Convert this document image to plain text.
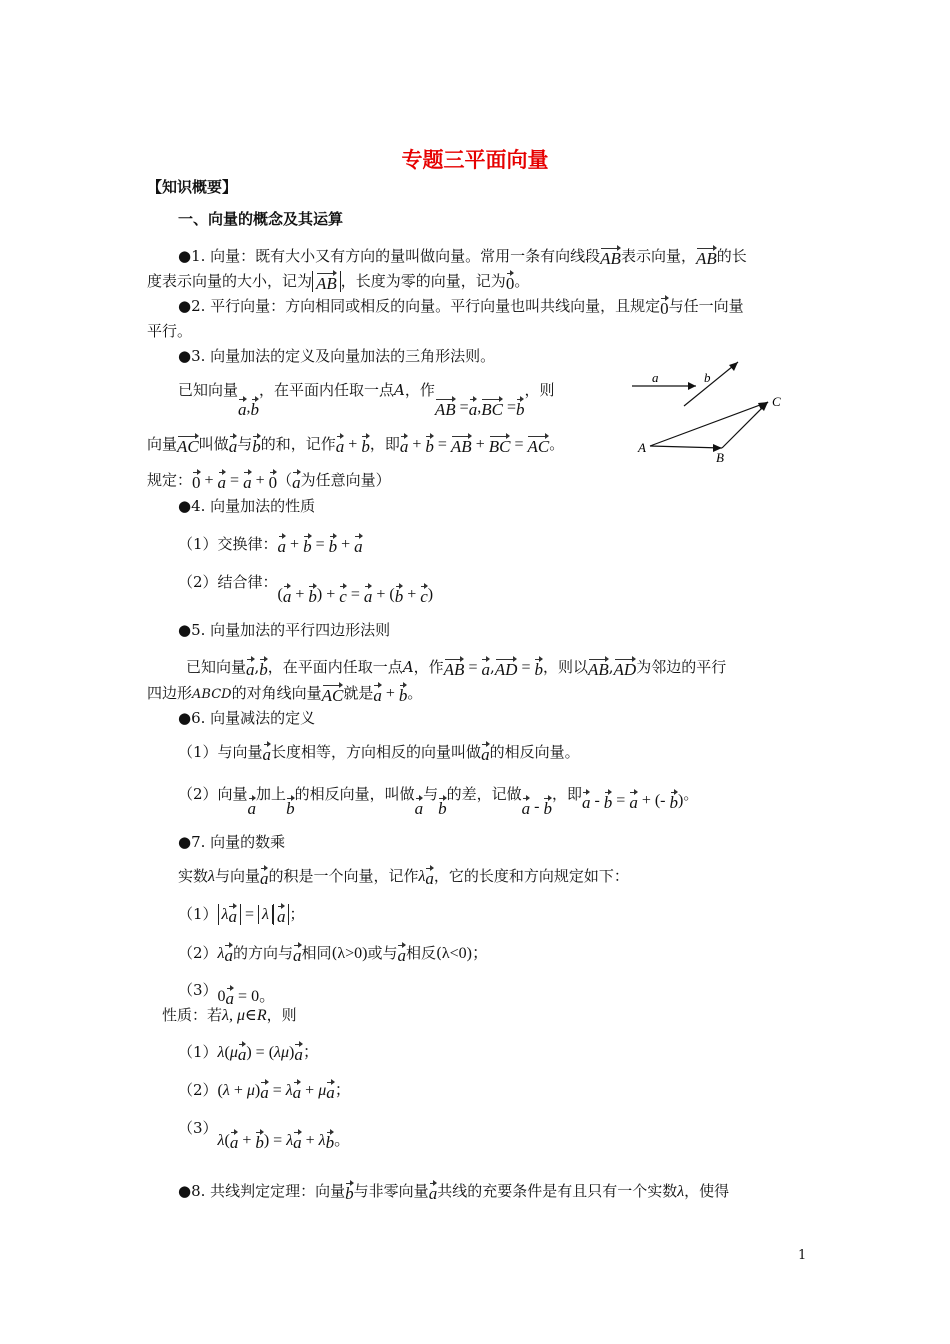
专题三平面向量
【知识概要】
一、向量的概念及其运算
●1. 向量：既有大小又有方向的量叫做向量。常用一条有向线段AB表示向量，AB的长
度表示向量的大小，记为 AB ，长度为零的向量，记为0。
●2. 平行向量：方向相同或相反的向量。平行向量也叫共线向量，且规定0与任一向量
平行。
●3. 向量加法的定义及向量加法的三角形法则。
已知向量a,b，在平面内任取一点A，作AB =a,BC =b，则
向量AC叫做a与b的和，记作a + b，即a + b = AB + BC = AC。
规定：0 + a = a + 0（a为任意向量）
a	b
A
B
C
●4. 向量加法的性质
（1）交换律：a + b = b + a
（2）结合律：(a + b) + c = a + (b + c)
●5. 向量加法的平行四边形法则
已知向量a,b，在平面内任取一点A，作AB = a,AD = b，则以AB,AD为邻边的平行
四边形ABCD的对角线向量AC就是a + b。
●6. 向量减法的定义
（1）与向量a长度相等，方向相反的向量叫做a的相反向量。
（2）向量a加上b的相反向量，叫做a与b的差，记做a - b，即a - b = a + (- b)。
●7. 向量的数乘
实数λ与向量a的积是一个向量，记作λa，它的长度和方向规定如下：
（1） λa = λ a ；
（2）λa的方向与a相同(λ>0)或与a相反(λ<0)；
（3）0a = 0。
性质：若λ, μ∈R，则
（1）λ(μa) = (λμ)a；
（2）(λ + μ)a = λa + μa；
（3）λ(a + b) = λa + λb。
●8. 共线判定定理：向量b与非零向量a共线的充要条件是有且只有一个实数λ，使得
1
